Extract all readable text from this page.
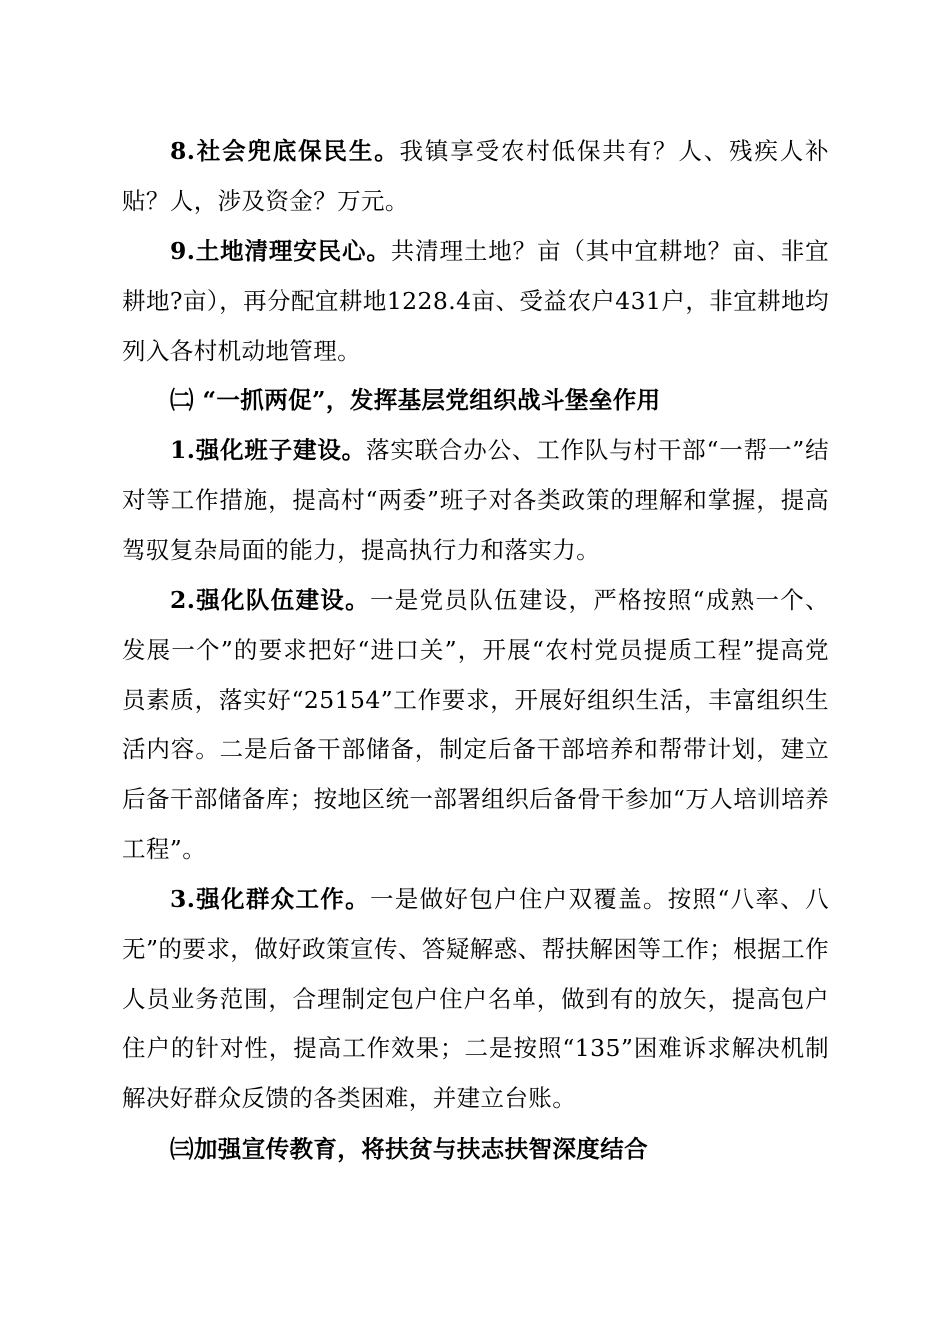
8.社会兜底保民生。我镇享受农村低保共有？人、残疾人补贴？人，涉及资金？万元。

9.土地清理安民心。共清理土地？亩（其中宜耕地？亩、非宜耕地?亩），再分配宜耕地1228.4亩、受益农户431户，非宜耕地均列入各村机动地管理。

㈡ “一抓两促”，发挥基层党组织战斗堡垒作用

1.强化班子建设。落实联合办公、工作队与村干部“一帮一”结对等工作措施，提高村“两委”班子对各类政策的理解和掌握，提高驾驭复杂局面的能力，提高执行力和落实力。

2.强化队伍建设。一是党员队伍建设，严格按照“成熟一个、发展一个”的要求把好“进口关”，开展“农村党员提质工程”提高党员素质，落实好“25154”工作要求，开展好组织生活，丰富组织生活内容。二是后备干部储备，制定后备干部培养和帮带计划，建立后备干部储备库；按地区统一部署组织后备骨干参加“万人培训培养工程”。

3.强化群众工作。一是做好包户住户双覆盖。按照“八率、八无”的要求，做好政策宣传、答疑解惑、帮扶解困等工作；根据工作人员业务范围，合理制定包户住户名单，做到有的放矢，提高包户住户的针对性，提高工作效果；二是按照“135”困难诉求解决机制解决好群众反馈的各类困难，并建立台账。

㈢加强宣传教育，将扶贫与扶志扶智深度结合
